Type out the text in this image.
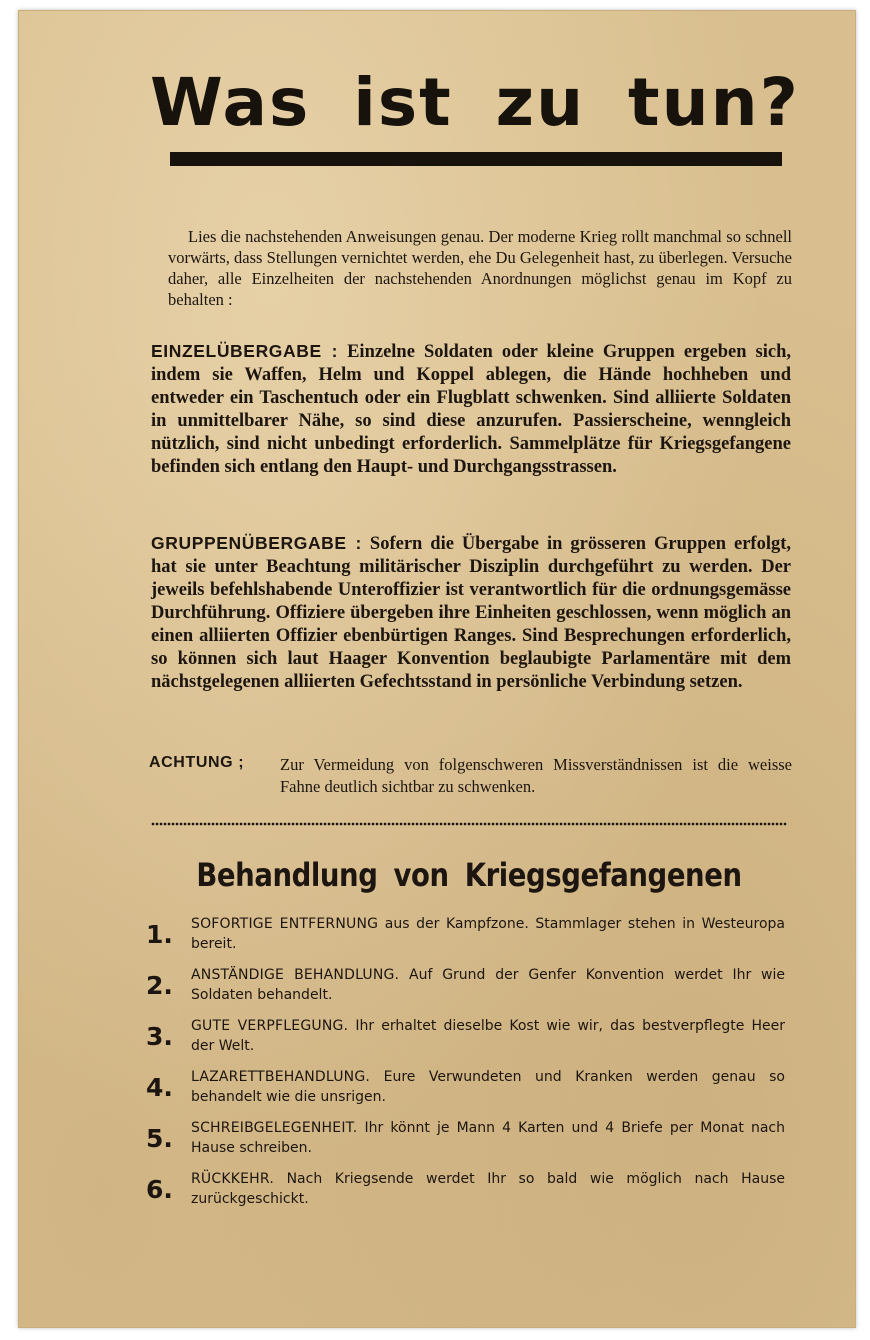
Was ist zu tun?

Lies die nachstehenden Anweisungen genau. Der moderne Krieg rollt manchmal so schnell vorwärts, dass Stellungen vernichtet werden, ehe Du Gelegenheit hast, zu überlegen. Versuche daher, alle Einzelheiten der nachstehenden Anordnungen möglichst genau im Kopf zu behalten :

EINZELÜBERGABE : Einzelne Soldaten oder kleine Gruppen ergeben sich, indem sie Waffen, Helm und Koppel ablegen, die Hände hochheben und entweder ein Taschentuch oder ein Flugblatt schwenken. Sind alliierte Soldaten in unmittelbarer Nähe, so sind diese anzurufen. Passierscheine, wenngleich nützlich, sind nicht unbedingt erforderlich. Sammelplätze für Kriegsgefangene befinden sich entlang den Haupt- und Durchgangsstrassen.

GRUPPENÜBERGABE : Sofern die Übergabe in grösseren Gruppen erfolgt, hat sie unter Beachtung militärischer Disziplin durchgeführt zu werden. Der jeweils befehlshabende Unteroffizier ist verantwortlich für die ordnungsgemässe Durchführung. Offiziere übergeben ihre Einheiten geschlossen, wenn möglich an einen alliierten Offizier ebenbürtigen Ranges. Sind Besprechungen erforderlich, so können sich laut Haager Konvention beglaubigte Parlamentäre mit dem nächstgelegenen alliierten Gefechtsstand in persönliche Verbindung setzen.

ACHTUNG ; Zur Vermeidung von folgenschweren Missverständnissen ist die weisse Fahne deutlich sichtbar zu schwenken.

Behandlung von Kriegsgefangenen
1.	SOFORTIGE ENTFERNUNG aus der Kampfzone. Stammlager stehen in Westeuropa bereit.

2.	ANSTÄNDIGE BEHANDLUNG. Auf Grund der Genfer Konvention werdet Ihr wie Soldaten behandelt.

3.	GUTE VERPFLEGUNG. Ihr erhaltet dieselbe Kost wie wir, das bestverpflegte Heer der Welt.

4.	LAZARETTBEHANDLUNG. Eure Verwundeten und Kranken werden genau so behandelt wie die unsrigen.

5.	SCHREIBGELEGENHEIT. Ihr könnt je Mann 4 Karten und 4 Briefe per Monat nach Hause schreiben.

6.	RÜCKKEHR. Nach Kriegsende werdet Ihr so bald wie möglich nach Hause zurückgeschickt.
